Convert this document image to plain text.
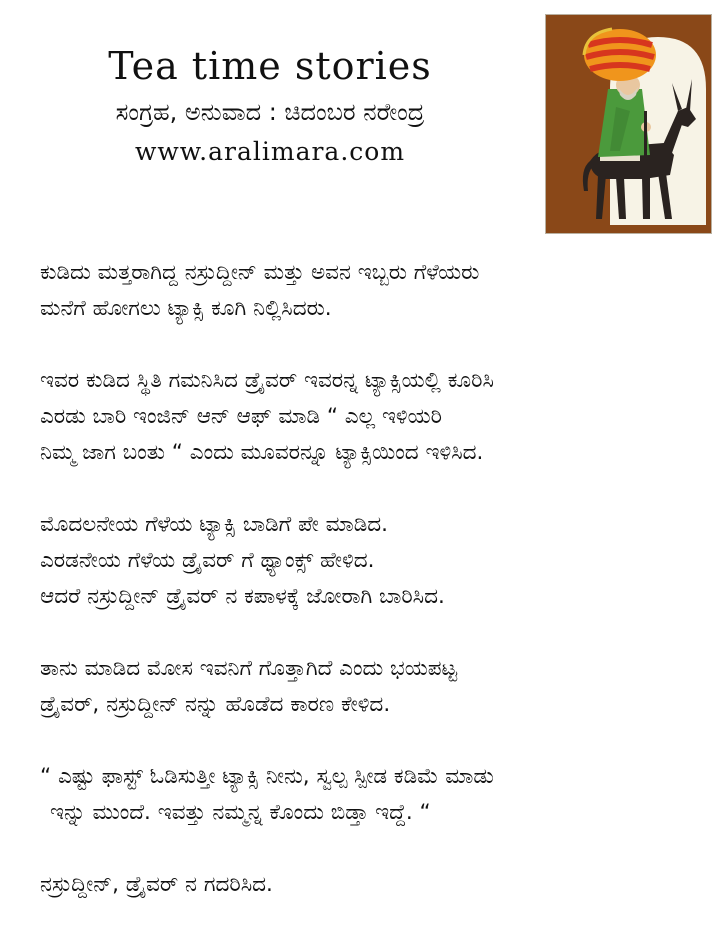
Tea time stories

ಸಂಗ್ರಹ, ಅನುವಾದ : ಚಿದಂಬರ ನರೇಂದ್ರ

www.aralimara.com

ಕುಡಿದು ಮತ್ತರಾಗಿದ್ದ ನಸ್ರುದ್ದೀನ್ ಮತ್ತು ಅವನ ಇಬ್ಬರು ಗೆಳೆಯರು
ಮನೆಗೆ ಹೋಗಲು ಟ್ಯಾಕ್ಸಿ ಕೂಗಿ ನಿಲ್ಲಿಸಿದರು.
ಇವರ ಕುಡಿದ ಸ್ಥಿತಿ ಗಮನಿಸಿದ ಡ್ರೈವರ್ ಇವರನ್ನ ಟ್ಯಾಕ್ಸಿಯಲ್ಲಿ ಕೂರಿಸಿ
ಎರಡು ಬಾರಿ ಇಂಜಿನ್ ಆನ್ ಆಫ್ ಮಾಡಿ “ ಎಲ್ಲ ಇಳಿಯರಿ
ನಿಮ್ಮ ಜಾಗ ಬಂತು “ ಎಂದು ಮೂವರನ್ನೂ ಟ್ಯಾಕ್ಸಿಯಿಂದ ಇಳಿಸಿದ.
ಮೊದಲನೇಯ ಗೆಳೆಯ ಟ್ಯಾಕ್ಸಿ ಬಾಡಿಗೆ ಪೇ ಮಾಡಿದ.
ಎರಡನೇಯ ಗೆಳೆಯ ಡ್ರೈವರ್ ಗೆ ಥ್ಯಾಂಕ್ಸ್ ಹೇಳಿದ.
ಆದರೆ ನಸ್ರುದ್ದೀನ್ ಡ್ರೈವರ್ ನ ಕಪಾಳಕ್ಕೆ ಜೋರಾಗಿ ಬಾರಿಸಿದ.
ತಾನು ಮಾಡಿದ ಮೋಸ ಇವನಿಗೆ ಗೊತ್ತಾಗಿದೆ ಎಂದು ಭಯಪಟ್ಟ
ಡ್ರೈವರ್, ನಸ್ರುದ್ದೀನ್ ನನ್ನು ಹೊಡೆದ ಕಾರಣ ಕೇಳಿದ.
“ ಎಷ್ಟು ಫಾಸ್ಟ್ ಓಡಿಸುತ್ತೀ ಟ್ಯಾಕ್ಸಿ ನೀನು, ಸ್ವಲ್ಪ ಸ್ಪೀಡ ಕಡಿಮೆ ಮಾಡು
ಇನ್ನು ಮುಂದೆ. ಇವತ್ತು ನಮ್ಮನ್ನ ಕೊಂದು ಬಿಡ್ತಾ ಇದ್ದೆ. “
ನಸ್ರುದ್ದೀನ್, ಡ್ರೈವರ್ ನ ಗದರಿಸಿದ.
